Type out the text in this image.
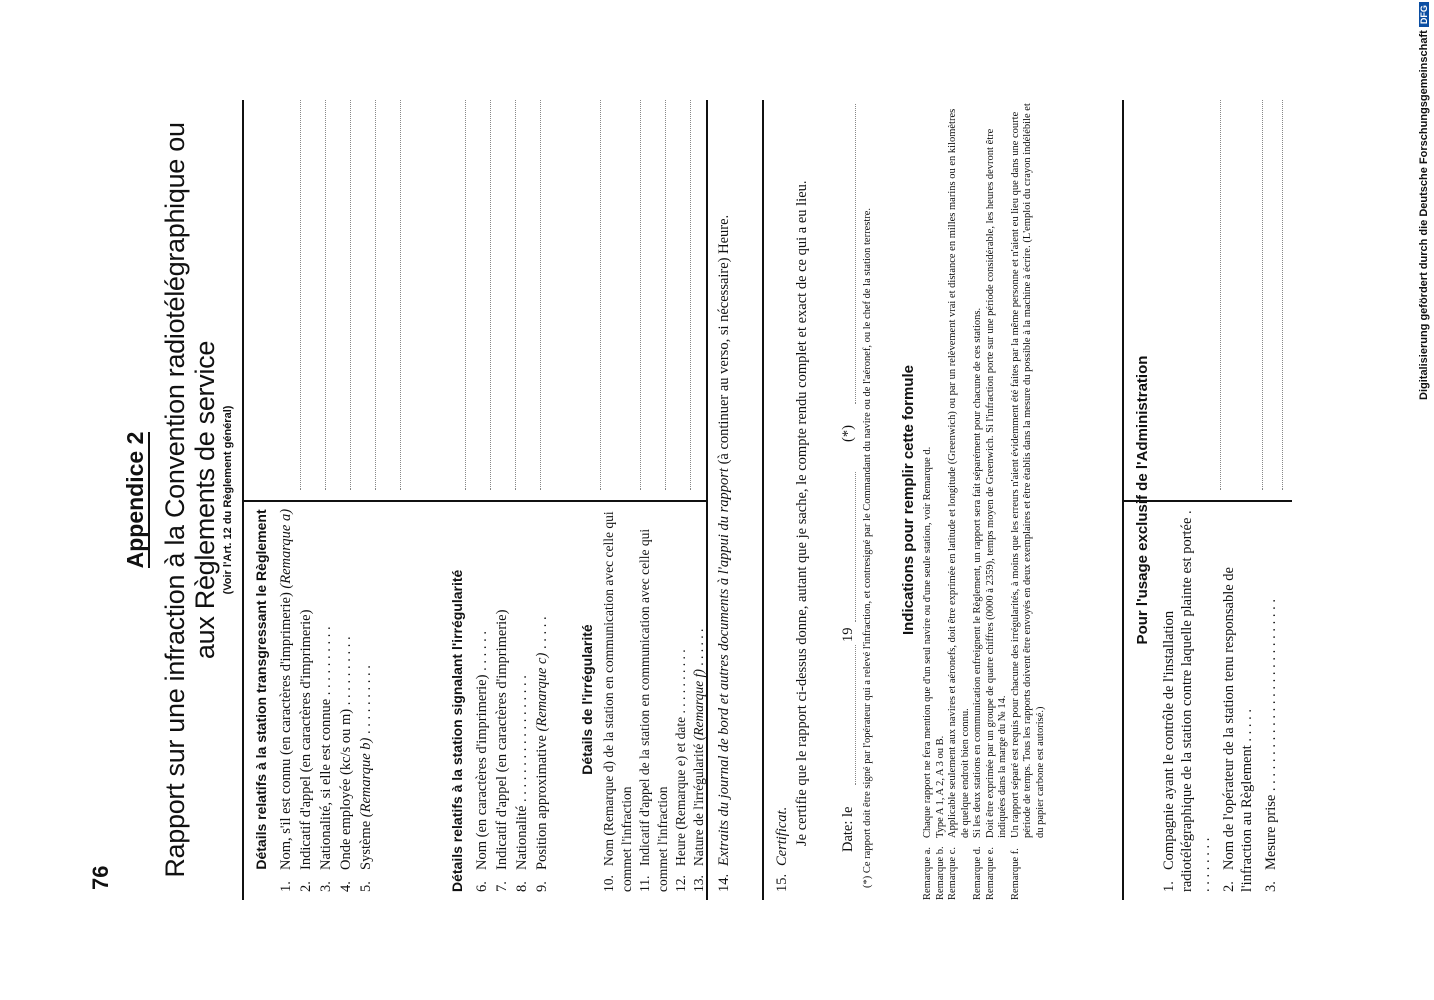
76
Appendice 2 Rapport sur une infraction à la Convention radiotélégraphique ou aux Règlements de service (Voir l'Art. 12 du Règlement général)
Détails relatifs à la station transgressant le Règlement
1.Nom, s'il est connu (en caractères d'imprimerie) (Remarque a)
2.Indicatif d'appel (en caractères d'imprimerie)
3.Nationalité, si elle est connue . . . . . . . . . .
4.Onde employée (kc/s ou m) . . . . . . . . . .
5.Système (Remarque b) . . . . . . . . . .	Détails relatifs à la station signalant l'irrégularité 6.Nom (en caractères d'imprimerie) . . . . . .
7.Indicatif d'appel (en caractères d'imprimerie)
8.Nationalité . . . . . . . . . . . . . . . . . .
9.Position approximative (Remarque c) . . . . . Détails de l'irrégularité
10.Nom (Remarque d) de la station en communication avec celle qui commet l'infraction 11.Indicatif d'appel de la station en communication avec celle qui commet l'infraction 12.Heure (Remarque e) et date . . . . . . . . . .
13.Nature de l'irrégularité (Remarque f) . . . . . .
14.Extraits du journal de bord et autres documents à l'appui du rapport (à continuer au verso, si nécessaire) Heure.
15.Certificat. Je certifie que le rapport ci-dessus donne, autant que je sache, le compte rendu complet et exact de ce qui a eu lieu. Date: le
19
(*) (*) Ce rapport doit être signé par l'opérateur qui a relevé l'infraction, et contresigné par le Commandant du navire ou de l'aéronef, ou le chef de la station terrestre. Indications pour remplir cette formule
Remarque a.
Chaque rapport ne fera mention que d'un seul navire ou d'une seule station, voir Remarque d.
Remarque b.
Type A 1, A 2, A 3 ou B.
Remarque c.
Applicable seulement aux navires et aéronefs, doit être exprimée en latitude et longitude (Greenwich) ou par un relèvement vrai et distance en milles marins ou en kilomètres de quelque endroit bien connu.
Remarque d.
Si les deux stations en communication enfreignent le Règlement, un rapport sera fait séparément pour chacune de ces stations.
Remarque e.
Doit être exprimée par un groupe de quatre chiffres (0000 à 2359), temps moyen de Greenwich. Si l'infraction porte sur une période considérable, les heures devront être indiquées dans la marge du № 14.
Remarque f.
Un rapport séparé est requis pour chacune des irrégularités, à moins que les erreurs n'aient évidemment été faites par la même personne et n'aient eu lieu que dans une courte période de temps. Tous les rapports doivent être envoyés en deux exemplaires et être établis dans la mesure du possible à la machine à écrire. (L'emploi du crayon indélébile et du papier carbone est autorisé.)
Pour l'usage exclusif de l'Administration
1.Compagnie ayant le contrôle de l'installation radiotélégraphique de la station contre laquelle plainte est portée . . . . . . . . . 2.Nom de l'opérateur de la station tenu responsable de l'infraction au Règlement . . . . .
3.Mesure prise . . . . . . . . . . . . . . . . . . . . . . . . . . .
Digitalisierung gefördert durch die Deutsche Forschungsgemeinschaft DFG
